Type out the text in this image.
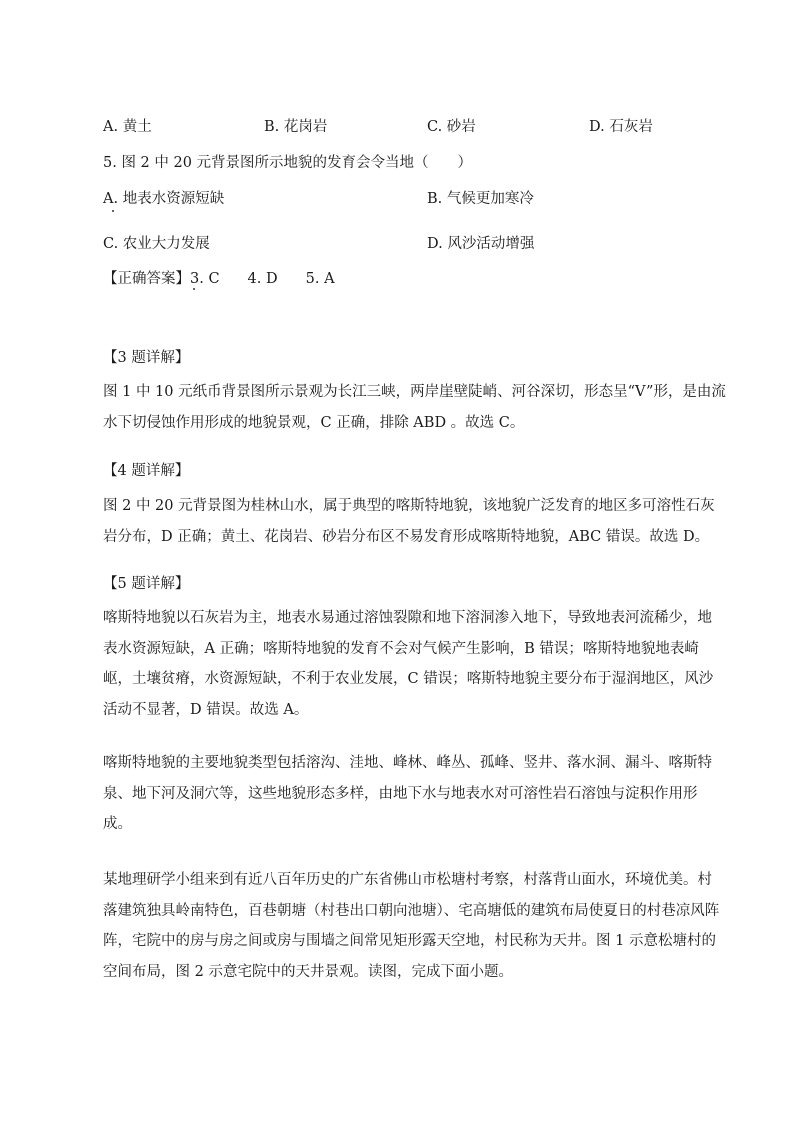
A. 黄土	B. 花岗岩	C. 砂岩	D. 石灰岩
5. 图 2 中 20 元背景图所示地貌的发育会令当地（　　）
A. 地表水资源短缺	B. 气候更加寒冷
C. 农业大力发展	D. 风沙活动增强
【正确答案】3. C 4. D 5. A
【3 题详解】
图 1 中 10 元纸币背景图所示景观为长江三峡，两岸崖壁陡峭、河谷深切，形态呈“V”形，是由流
水下切侵蚀作用形成的地貌景观，C 正确，排除 ABD 。故选 C。
【4 题详解】
图 2 中 20 元背景图为桂林山水，属于典型的喀斯特地貌，该地貌广泛发育的地区多可溶性石灰
岩分布，D 正确；黄土、花岗岩、砂岩分布区不易发育形成喀斯特地貌，ABC 错误。故选 D。
【5 题详解】
喀斯特地貌以石灰岩为主，地表水易通过溶蚀裂隙和地下溶洞渗入地下，导致地表河流稀少，地
表水资源短缺，A 正确；喀斯特地貌的发育不会对气候产生影响，B 错误；喀斯特地貌地表崎
岖，土壤贫瘠，水资源短缺，不利于农业发展，C 错误；喀斯特地貌主要分布于湿润地区，风沙
活动不显著，D 错误。故选 A。
喀斯特地貌的主要地貌类型包括溶沟、洼地、峰林、峰丛、孤峰、竖井、落水洞、漏斗、喀斯特
泉、地下河及洞穴等，这些地貌形态多样，由地下水与地表水对可溶性岩石溶蚀与淀积作用形
成。
某地理研学小组来到有近八百年历史的广东省佛山市松塘村考察，村落背山面水，环境优美。村
落建筑独具岭南特色，百巷朝塘（村巷出口朝向池塘）、宅高塘低的建筑布局使夏日的村巷凉风阵
阵，宅院中的房与房之间或房与围墙之间常见矩形露天空地，村民称为天井。图 1 示意松塘村的
空间布局，图 2 示意宅院中的天井景观。读图，完成下面小题。
